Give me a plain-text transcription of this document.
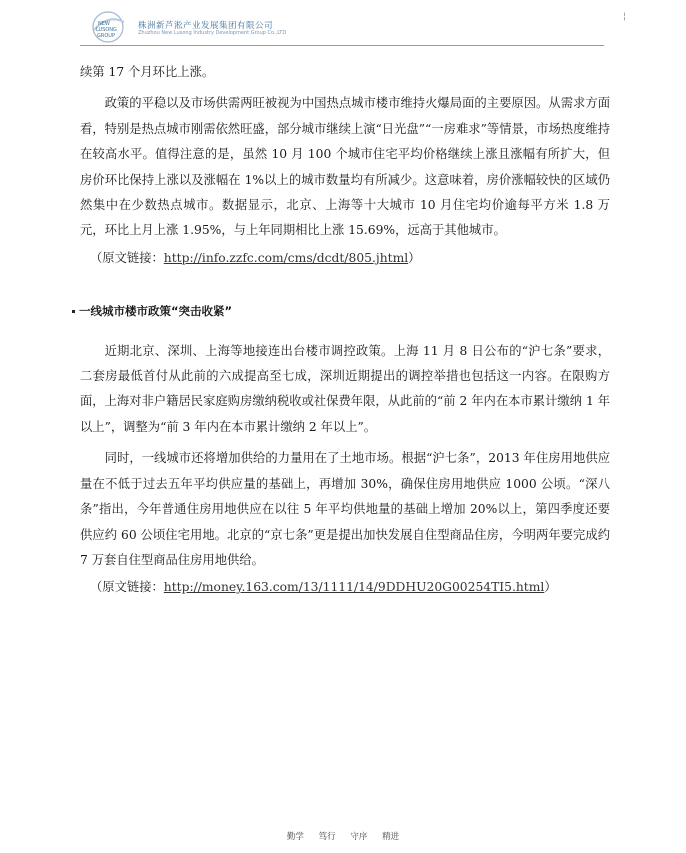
NEW
LUSONG
GROUP
株洲新芦淞产业发展集团有限公司
Zhuzhou New Lusong Industry Development Group Co.,LTD
¦

续第 17 个月环比上涨。

政策的平稳以及市场供需两旺被视为中国热点城市楼市维持火爆局面的主要原因。从需求方面看，特别是热点城市刚需依然旺盛，部分城市继续上演“日光盘”“一房难求”等情景，市场热度维持在较高水平。值得注意的是，虽然 10 月 100 个城市住宅平均价格继续上涨且涨幅有所扩大，但房价环比保持上涨以及涨幅在 1%以上的城市数量均有所减少。这意味着，房价涨幅较快的区域仍然集中在少数热点城市。数据显示，北京、上海等十大城市 10 月住宅均价逾每平方米 1.8 万元，环比上月上涨 1.95%，与上年同期相比上涨 15.69%，远高于其他城市。

（原文链接：http://info.zzfc.com/cms/dcdt/805.jhtml）

一线城市楼市政策“突击收紧”

近期北京、深圳、上海等地接连出台楼市调控政策。上海 11 月 8 日公布的“沪七条”要求，二套房最低首付从此前的六成提高至七成，深圳近期提出的调控举措也包括这一内容。在限购方面，上海对非户籍居民家庭购房缴纳税收或社保费年限，从此前的“前 2 年内在本市累计缴纳 1 年以上”，调整为“前 3 年内在本市累计缴纳 2 年以上”。

同时，一线城市还将增加供给的力量用在了土地市场。根据“沪七条”，2013 年住房用地供应量在不低于过去五年平均供应量的基础上，再增加 30%，确保住房用地供应 1000 公顷。“深八条”指出，今年普通住房用地供应在以往 5 年平均供地量的基础上增加 20%以上，第四季度还要供应约 60 公顷住宅用地。北京的“京七条”更是提出加快发展自住型商品住房，今明两年要完成约 7 万套自住型商品住房用地供给。

（原文链接：http://money.163.com/13/1111/14/9DDHU20G00254TI5.html）

勤学 笃行 守序 精进
